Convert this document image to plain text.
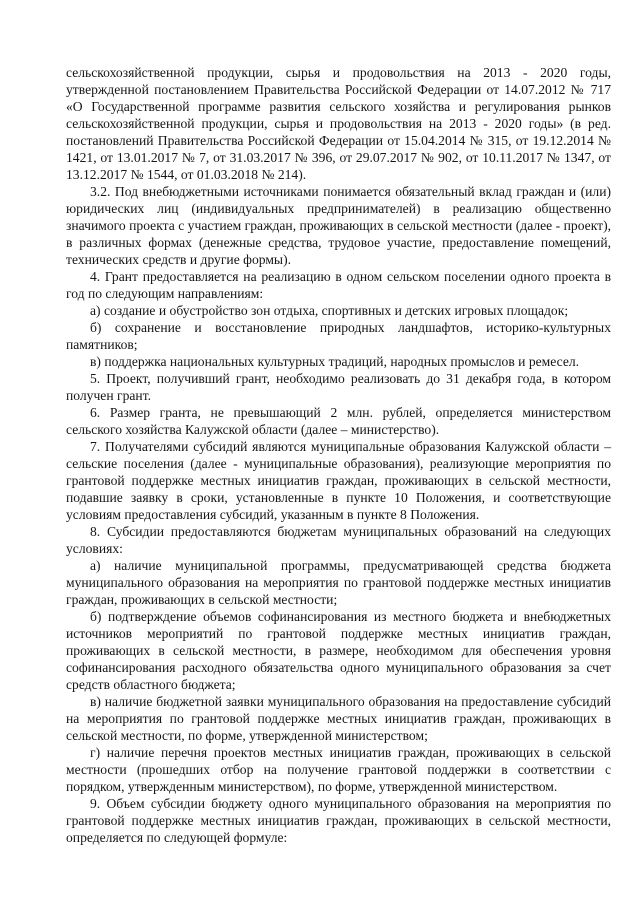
сельскохозяйственной продукции, сырья и продовольствия на 2013 - 2020 годы, утвержденной постановлением Правительства Российской Федерации от 14.07.2012 № 717 «О Государственной программе развития сельского хозяйства и регулирования рынков сельскохозяйственной продукции, сырья и продовольствия на 2013 - 2020 годы» (в ред. постановлений Правительства Российской Федерации от 15.04.2014 № 315, от 19.12.2014 № 1421, от 13.01.2017 № 7, от 31.03.2017 № 396, от 29.07.2017 № 902, от 10.11.2017 № 1347, от 13.12.2017 № 1544, от 01.03.2018 № 214).

3.2. Под внебюджетными источниками понимается обязательный вклад граждан и (или) юридических лиц (индивидуальных предпринимателей) в реализацию общественно значимого проекта с участием граждан, проживающих в сельской местности (далее - проект), в различных формах (денежные средства, трудовое участие, предоставление помещений, технических средств и другие формы).

4. Грант предоставляется на реализацию в одном сельском поселении одного проекта в год по следующим направлениям:

а) создание и обустройство зон отдыха, спортивных и детских игровых площадок;

б) сохранение и восстановление природных ландшафтов, историко-культурных памятников;

в) поддержка национальных культурных традиций, народных промыслов и ремесел.

5. Проект, получивший грант, необходимо реализовать до 31 декабря года, в котором получен грант.

6. Размер гранта, не превышающий 2 млн. рублей, определяется министерством сельского хозяйства Калужской области (далее – министерство).

7. Получателями субсидий являются муниципальные образования Калужской области – сельские поселения (далее - муниципальные образования), реализующие мероприятия по грантовой поддержке местных инициатив граждан, проживающих в сельской местности, подавшие заявку в сроки, установленные в пункте 10 Положения, и соответствующие условиям предоставления субсидий, указанным в пункте 8 Положения.

8. Субсидии предоставляются бюджетам муниципальных образований на следующих условиях:

а) наличие муниципальной программы, предусматривающей средства бюджета муниципального образования на мероприятия по грантовой поддержке местных инициатив граждан, проживающих в сельской местности;

б) подтверждение объемов софинансирования из местного бюджета и внебюджетных источников мероприятий по грантовой поддержке местных инициатив граждан, проживающих в сельской местности, в размере, необходимом для обеспечения уровня софинансирования расходного обязательства одного муниципального образования за счет средств областного бюджета;

в) наличие бюджетной заявки муниципального образования на предоставление субсидий на мероприятия по грантовой поддержке местных инициатив граждан, проживающих в сельской местности, по форме, утвержденной министерством;

г) наличие перечня проектов местных инициатив граждан, проживающих в сельской местности (прошедших отбор на получение грантовой поддержки в соответствии с порядком, утвержденным министерством), по форме, утвержденной министерством.

9. Объем субсидии бюджету одного муниципального образования на мероприятия по грантовой поддержке местных инициатив граждан, проживающих в сельской местности, определяется по следующей формуле:
